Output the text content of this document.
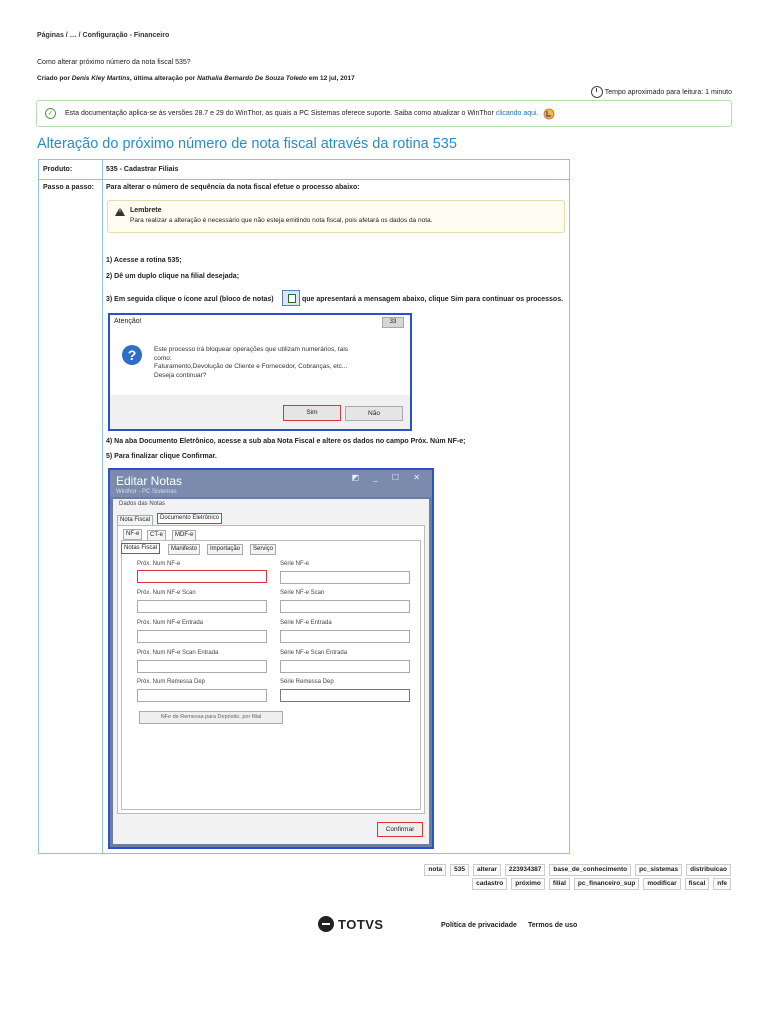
Páginas / … / Configuração - Financeiro
Como alterar próximo número da nota fiscal 535?
Criado por Denis Kley Martins, última alteração por Nathalia Bernardo De Souza Toledo em 12 jul, 2017
Tempo aproximado para leitura: 1 minuto
✓	Esta documentação aplica-se às versões 28.7 e 29 do WinThor, as quais a PC Sistemas oferece suporte. Saiba como atualizar o WinThor
clicando aqui.
Alteração do próximo número de nota fiscal através da rotina 535
Produto:	535 - Cadastrar Filiais
Passo a passo: Para alterar o número de sequência da nota fiscal efetue o processo abaixo:
!
Lembrete
Para realizar a alteração é necessário que não esteja emitindo nota fiscal, pois afetará os dados da nota.
1) Acesse a rotina 535;
2) Dê um duplo clique na filial desejada;
3) Em seguida clique o ícone azul (bloco de notas)	que apresentará a mensagem abaixo, clique Sim para continuar os processos.
Atenção!	33
?	Este processo irá bloquear operações que utilizam numerários, tais
como:
Faturamento,Devolução de Cliente e Fornecedor, Cobranças, etc...
Deseja continuar?
Sim	Não
4) Na aba Documento Eletrônico, acesse a sub aba Nota Fiscal e altere os dados no campo Próx. Núm NF-e;
5) Para finalizar clique Confirmar.
Editar Notas
Winthor - PC Sistemas
◩ _ ☐ ✕
Dados das Notas
Nota Fiscal	Documento Eletrônico
NF-e	CT-e	MDF-e
Notas Fiscal	Manifesto	Importação	Serviço
Próx. Num NF-e	Série NF-e
Próx. Num NF-e Scan	Série NF-e Scan
Próx. Num NF-e Entrada	Série NF-e Entrada
Próx. Num NF-e Scan Entrada	Série NF-e Scan Entrada
Próx. Num Remessa Dep	Série Remessa Dep
NFe de Remessa para Depósito, por filial
Confirmar
nota	535	alterar	223934387	base_de_conhecimento	pc_sistemas	distribuicao
cadastro	próximo	filial	pc_financeiro_sup	modificar	fiscal	nfe
TOTVS	Política de privacidade Termos de uso
